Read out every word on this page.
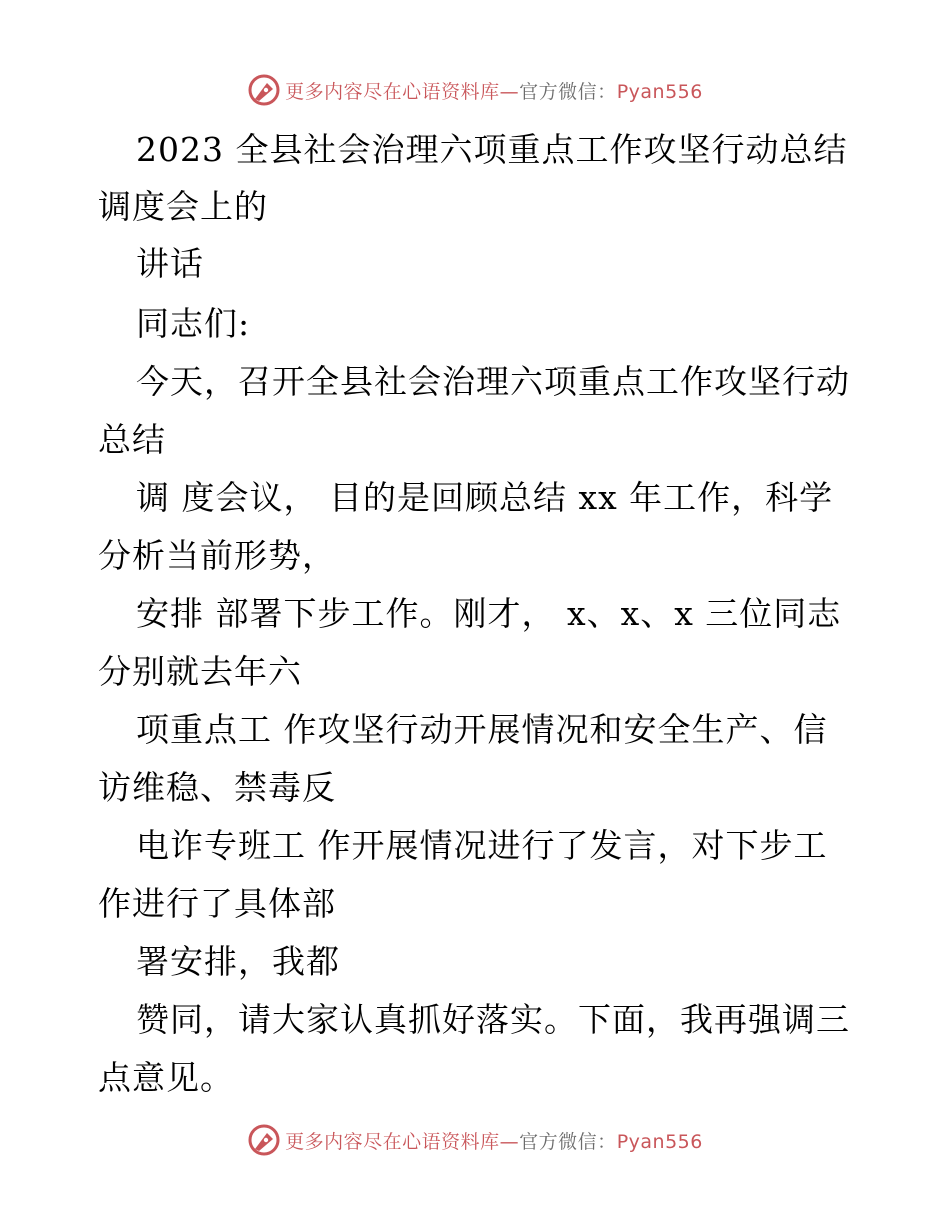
更多内容尽在心语资料库—官方微信：Pyan556
2023 全县社会治理六项重点工作攻坚行动总结
调度会上的
讲话
同志们:
今天，召开全县社会治理六项重点工作攻坚行动
总结
调 度会议， 目的是回顾总结 xx 年工作，科学
分析当前形势，
安排 部署下步工作。刚才， x、x、x 三位同志
分别就去年六
项重点工 作攻坚行动开展情况和安全生产、信
访维稳、禁毒反
电诈专班工 作开展情况进行了发言，对下步工
作进行了具体部
署安排，我都
赞同，请大家认真抓好落实。下面，我再强调三
点意见。
更多内容尽在心语资料库—官方微信：Pyan556
